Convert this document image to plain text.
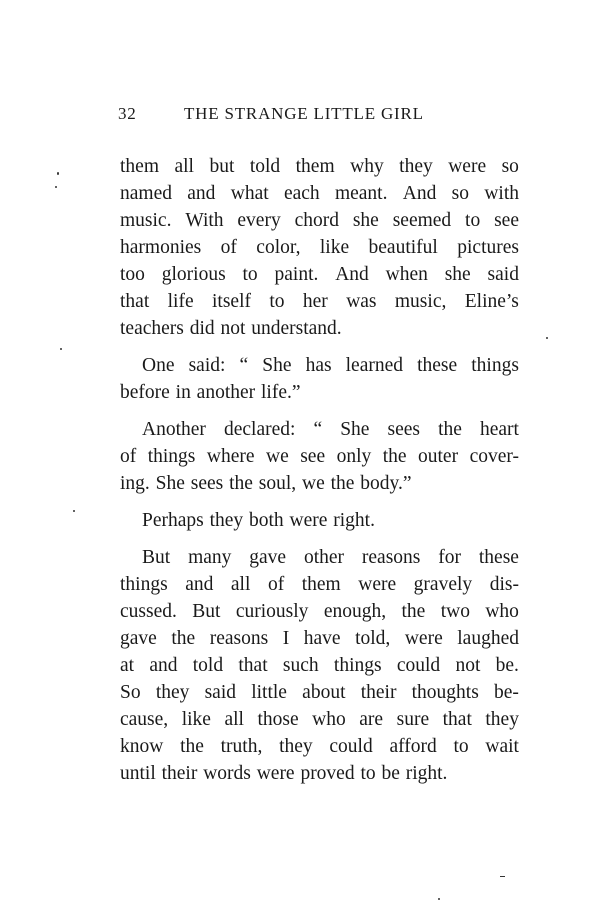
32	THE STRANGE LITTLE GIRL
them all but told them why they were so
named and what each meant. And so with
music. With every chord she seemed to see
harmonies of color, like beautiful pictures
too glorious to paint. And when she said
that life itself to her was music, Eline’s
teachers did not understand.
One said: “ She has learned these things
before in another life.”
Another declared: “ She sees the heart
of things where we see only the outer cover-
ing. She sees the soul, we the body.”
Perhaps they both were right.
But many gave other reasons for these
things and all of them were gravely dis-
cussed. But curiously enough, the two who
gave the reasons I have told, were laughed
at and told that such things could not be.
So they said little about their thoughts be-
cause, like all those who are sure that they
know the truth, they could afford to wait
until their words were proved to be right.
